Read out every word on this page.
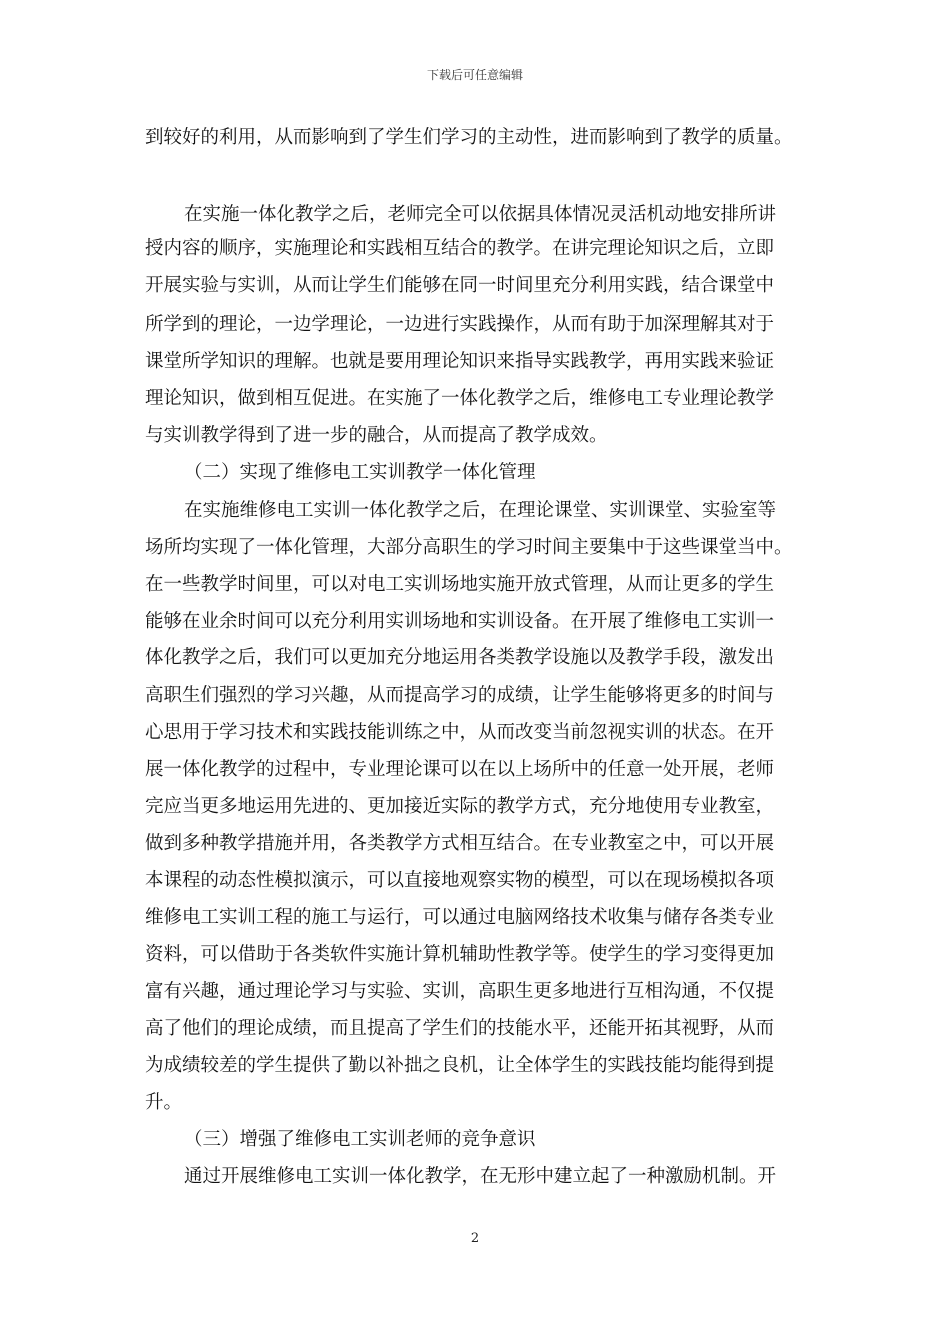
下载后可任意编辑
到较好的利用，从而影响到了学生们学习的主动性，进而影响到了教学的质量。
在实施一体化教学之后，老师完全可以依据具体情况灵活机动地安排所讲
授内容的顺序，实施理论和实践相互结合的教学。在讲完理论知识之后，立即
开展实验与实训，从而让学生们能够在同一时间里充分利用实践，结合课堂中
所学到的理论，一边学理论，一边进行实践操作，从而有助于加深理解其对于
课堂所学知识的理解。也就是要用理论知识来指导实践教学，再用实践来验证
理论知识，做到相互促进。在实施了一体化教学之后，维修电工专业理论教学
与实训教学得到了进一步的融合，从而提高了教学成效。
（二）实现了维修电工实训教学一体化管理
在实施维修电工实训一体化教学之后，在理论课堂、实训课堂、实验室等
场所均实现了一体化管理，大部分高职生的学习时间主要集中于这些课堂当中。
在一些教学时间里，可以对电工实训场地实施开放式管理，从而让更多的学生
能够在业余时间可以充分利用实训场地和实训设备。在开展了维修电工实训一
体化教学之后，我们可以更加充分地运用各类教学设施以及教学手段，激发出
高职生们强烈的学习兴趣，从而提高学习的成绩，让学生能够将更多的时间与
心思用于学习技术和实践技能训练之中，从而改变当前忽视实训的状态。在开
展一体化教学的过程中，专业理论课可以在以上场所中的任意一处开展，老师
完应当更多地运用先进的、更加接近实际的教学方式，充分地使用专业教室，
做到多种教学措施并用，各类教学方式相互结合。在专业教室之中，可以开展
本课程的动态性模拟演示，可以直接地观察实物的模型，可以在现场模拟各项
维修电工实训工程的施工与运行，可以通过电脑网络技术收集与储存各类专业
资料，可以借助于各类软件实施计算机辅助性教学等。使学生的学习变得更加
富有兴趣，通过理论学习与实验、实训，高职生更多地进行互相沟通，不仅提
高了他们的理论成绩，而且提高了学生们的技能水平，还能开拓其视野，从而
为成绩较差的学生提供了勤以补拙之良机，让全体学生的实践技能均能得到提
升。
（三）增强了维修电工实训老师的竞争意识
通过开展维修电工实训一体化教学，在无形中建立起了一种激励机制。开
2
